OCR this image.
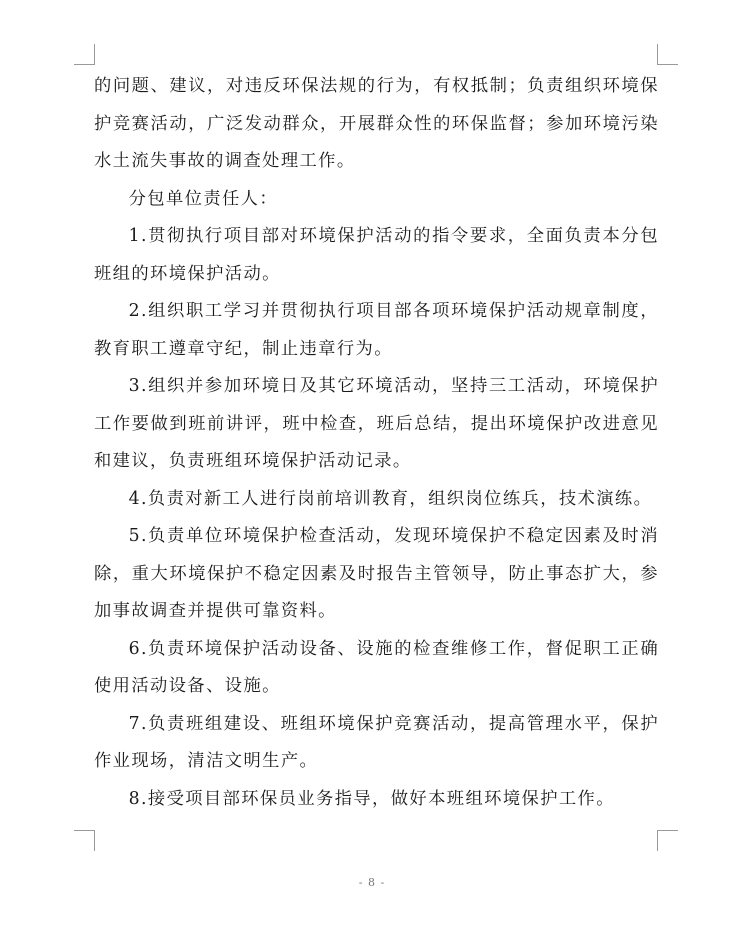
的问题、建议，对违反环保法规的行为，有权抵制；负责组织环境保护竞赛活动，广泛发动群众，开展群众性的环保监督；参加环境污染水土流失事故的调查处理工作。

分包单位责任人：

1.贯彻执行项目部对环境保护活动的指令要求，全面负责本分包班组的环境保护活动。

2.组织职工学习并贯彻执行项目部各项环境保护活动规章制度，教育职工遵章守纪，制止违章行为。

3.组织并参加环境日及其它环境活动，坚持三工活动，环境保护工作要做到班前讲评，班中检查，班后总结，提出环境保护改进意见和建议，负责班组环境保护活动记录。

4.负责对新工人进行岗前培训教育，组织岗位练兵，技术演练。

5.负责单位环境保护检查活动，发现环境保护不稳定因素及时消除，重大环境保护不稳定因素及时报告主管领导，防止事态扩大，参加事故调查并提供可靠资料。

6.负责环境保护活动设备、设施的检查维修工作，督促职工正确使用活动设备、设施。

7.负责班组建设、班组环境保护竞赛活动，提高管理水平，保护作业现场，清洁文明生产。

8.接受项目部环保员业务指导，做好本班组环境保护工作。

- 8 -
